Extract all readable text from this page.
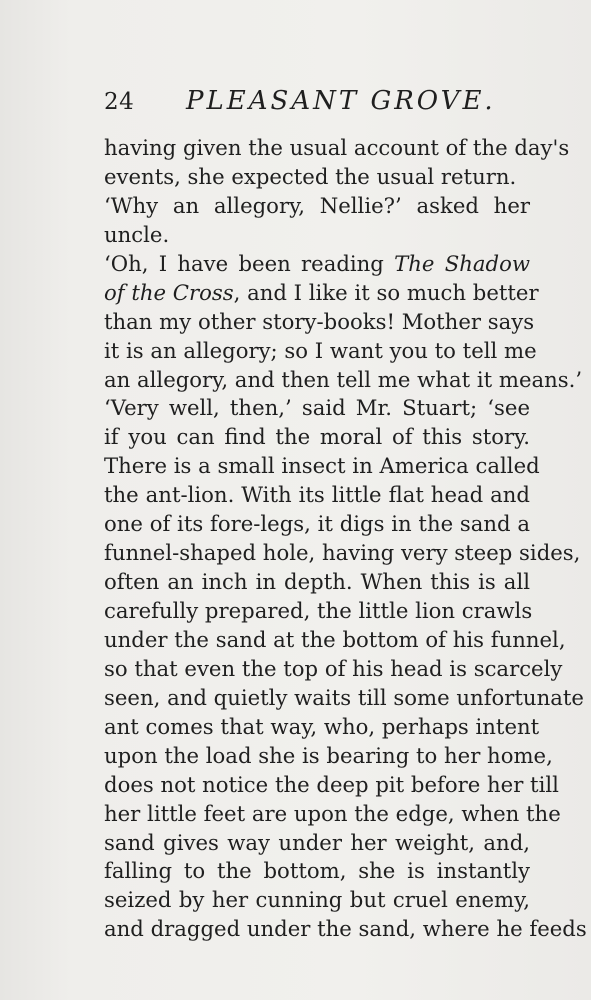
24 PLEASANT GROVE.
having given the usual account of the day's
events, she expected the usual return.
‘Why an allegory, Nellie?’ asked her
uncle.
‘Oh, I have been reading The Shadow
of the Cross, and I like it so much better
than my other story-books! Mother says
it is an allegory; so I want you to tell me
an allegory, and then tell me what it means.’
‘Very well, then,’ said Mr. Stuart; ‘see
if you can find the moral of this story.
There is a small insect in America called
the ant-lion. With its little flat head and
one of its fore-legs, it digs in the sand a
funnel-shaped hole, having very steep sides,
often an inch in depth. When this is all
carefully prepared, the little lion crawls
under the sand at the bottom of his funnel,
so that even the top of his head is scarcely
seen, and quietly waits till some unfortunate
ant comes that way, who, perhaps intent
upon the load she is bearing to her home,
does not notice the deep pit before her till
her little feet are upon the edge, when the
sand gives way under her weight, and,
falling to the bottom, she is instantly
seized by her cunning but cruel enemy,
and dragged under the sand, where he feeds
